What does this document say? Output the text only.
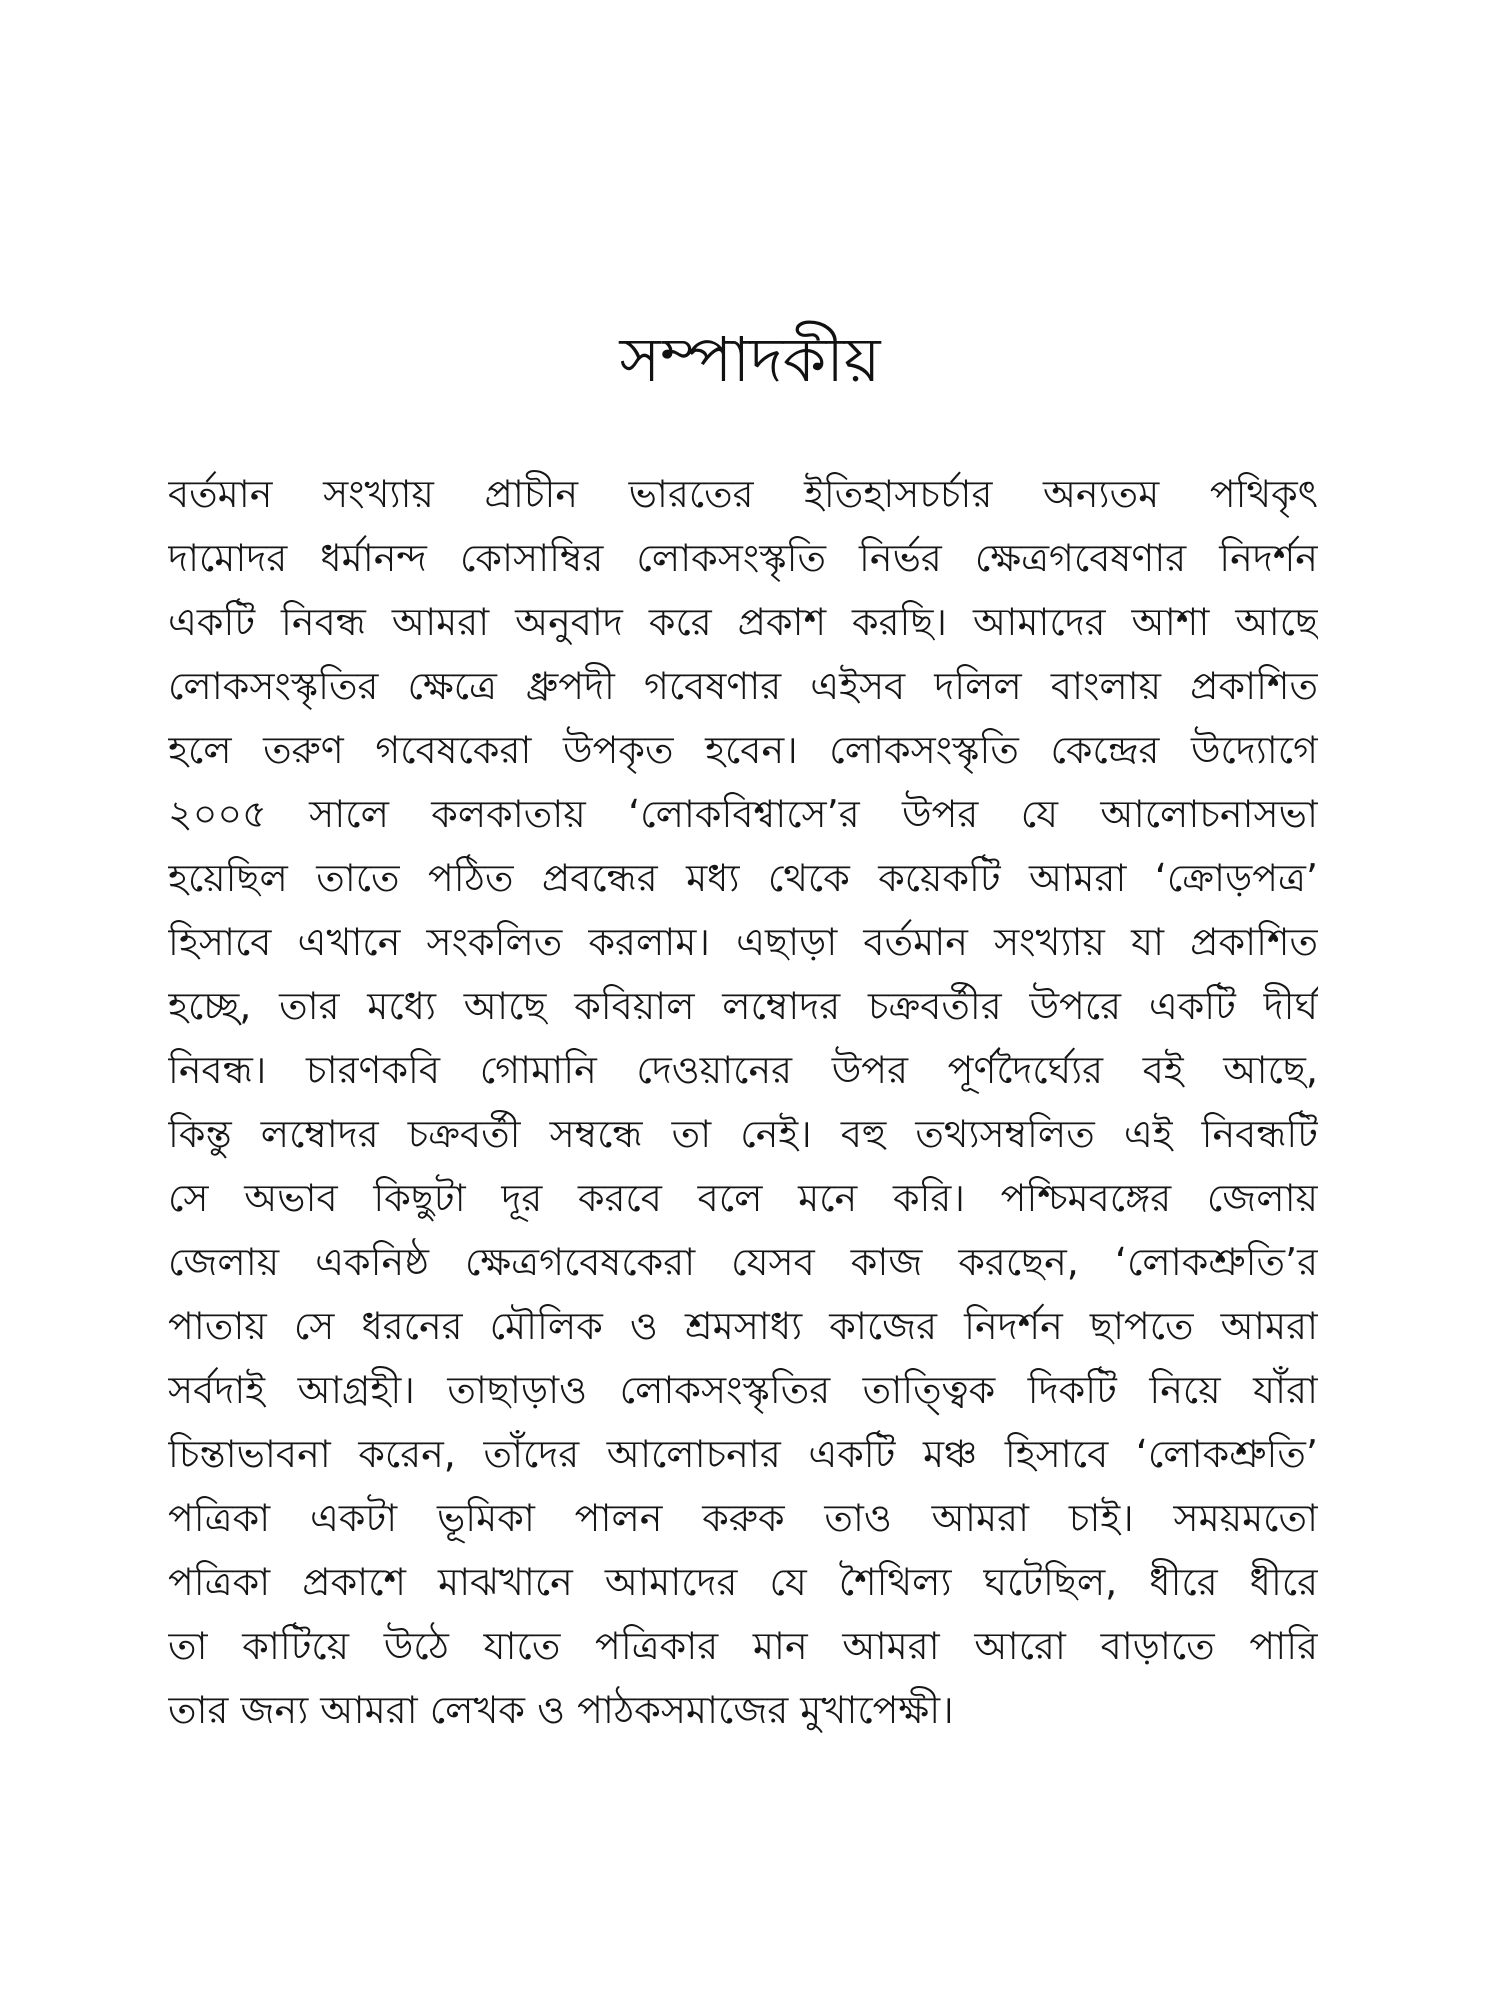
সম্পাদকীয়
বর্তমান সংখ্যায় প্রাচীন ভারতের ইতিহাসচর্চার অন্যতম পথিকৃৎ
দামোদর ধর্মানন্দ কোসাম্বির লোকসংস্কৃতি নির্ভর ক্ষেত্রগবেষণার নিদর্শন
একটি নিবন্ধ আমরা অনুবাদ করে প্রকাশ করছি। আমাদের আশা আছে
লোকসংস্কৃতির ক্ষেত্রে ধ্রুপদী গবেষণার এইসব দলিল বাংলায় প্রকাশিত
হলে তরুণ গবেষকেরা উপকৃত হবেন। লোকসংস্কৃতি কেন্দ্রের উদ্যোগে
২০০৫ সালে কলকাতায় ‘লোকবিশ্বাসে’র উপর যে আলোচনাসভা
হয়েছিল তাতে পঠিত প্রবন্ধের মধ্য থেকে কয়েকটি আমরা ‘ক্রোড়পত্র’
হিসাবে এখানে সংকলিত করলাম। এছাড়া বর্তমান সংখ্যায় যা প্রকাশিত
হচ্ছে, তার মধ্যে আছে কবিয়াল লম্বোদর চক্রবর্তীর উপরে একটি দীর্ঘ
নিবন্ধ। চারণকবি গোমানি দেওয়ানের উপর পূর্ণদৈর্ঘ্যের বই আছে,
কিন্তু লম্বোদর চক্রবর্তী সম্বন্ধে তা নেই। বহু তথ্যসম্বলিত এই নিবন্ধটি
সে অভাব কিছুটা দূর করবে বলে মনে করি। পশ্চিমবঙ্গের জেলায়
জেলায় একনিষ্ঠ ক্ষেত্রগবেষকেরা যেসব কাজ করছেন, ‘লোকশ্রুতি’র
পাতায় সে ধরনের মৌলিক ও শ্রমসাধ্য কাজের নিদর্শন ছাপতে আমরা
সর্বদাই আগ্রহী। তাছাড়াও লোকসংস্কৃতির তাত্ত্বিক দিকটি নিয়ে যাঁরা
চিন্তাভাবনা করেন, তাঁদের আলোচনার একটি মঞ্চ হিসাবে ‘লোকশ্রুতি’
পত্রিকা একটা ভূমিকা পালন করুক তাও আমরা চাই। সময়মতো
পত্রিকা প্রকাশে মাঝখানে আমাদের যে শৈথিল্য ঘটেছিল, ধীরে ধীরে
তা কাটিয়ে উঠে যাতে পত্রিকার মান আমরা আরো বাড়াতে পারি
তার জন্য আমরা লেখক ও পাঠকসমাজের মুখাপেক্ষী।
